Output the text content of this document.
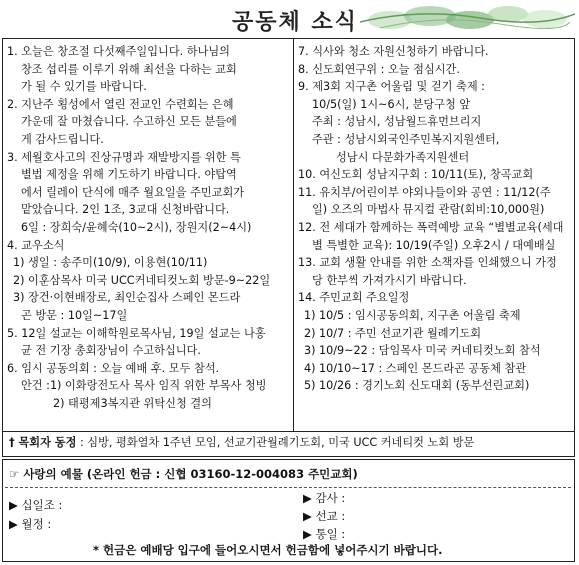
공동체 소식
1. 오늘은 창조절 다섯째주일입니다. 하나님의
창조 섭리를 이루기 위해 최선을 다하는 교회
가 될 수 있기를 바랍니다.
2. 지난주 횡성에서 열린 전교인 수련회는 은혜
가운데 잘 마쳤습니다. 수고하신 모든 분들에
게 감사드립니다.
3. 세월호사고의 진상규명과 재발방지를 위한 특
별법 제정을 위해 기도하기 바랍니다. 야탑역
에서 릴레이 단식에 매주 월요일을 주민교회가
맡았습니다. 2인 1조, 3교대 신청바랍니다.
6일 : 장희숙/윤혜숙(10~2시), 장원지(2~4시)
4. 교우소식
1) 생일 : 송주미(10/9), 이용현(10/11)
2) 이훈삼목사 미국 UCC커네티컷노회 방문-9~22일
3) 장건·이현배장로, 최인순집사 스페인 몬드라
곤 방문 : 10일~17일
5. 12일 설교는 이해학원로목사님, 19일 설교는 나홍
균 전 기장 총회장님이 수고하십니다.
6. 임시 공동의회 : 오늘 예배 후. 모두 참석.
안건 :1) 이화랑전도사 목사 임직 위한 부목사 청빙
2) 태평제3복지관 위탁신청 결의
7. 식사와 청소 자원신청하기 바랍니다.
8. 신도회연구위 : 오늘 점심시간.
9. 제3회 지구촌 어울림 및 걷기 축제 :
10/5(일) 1시~6시, 분당구청 앞
주최 : 성남시, 성남월드휴먼브리지
주관 : 성남시외국인주민복지지원센터,
성남시 다문화가족지원센터
10. 여신도회 성남지구회 : 10/11(토), 창곡교회
11. 유치부/어린이부 야외나들이와 공연 : 11/12(주
일) 오즈의 마법사 뮤지컬 관람(회비:10,000원)
12. 전 세대가 함께하는 폭력예방 교육 “별별교육(세대
별 특별한 교육): 10/19(주일) 오후2시 / 대예배실
13. 교회 생활 안내를 위한 소책자를 인쇄했으니 가정
당 한부씩 가져가시기 바랍니다.
14. 주민교회 주요일정
1) 10/5 : 임시공동의회, 지구촌 어울림 축제
2) 10/7 : 주민 선교기관 월례기도회
3) 10/9~22 : 담임목사 미국 커네티컷노회 참석
4) 10/10~17 : 스페인 몬드라곤 공동체 참관
5) 10/26 : 경기노회 신도대회 (동부선린교회)
† 목회자 동정 : 심방, 평화열차 1주년 모임, 선교기관월례기도회, 미국 UCC 커네티컷 노회 방문
☞ 사랑의 예물 (온라인 헌금 : 신협 03160-12-004083 주민교회)
▶ 십일조 :
▶ 월정 :
▶ 감사 :
▶ 선교 :
▶ 통일 :
* 헌금은 예배당 입구에 들어오시면서 헌금함에 넣어주시기 바랍니다.
